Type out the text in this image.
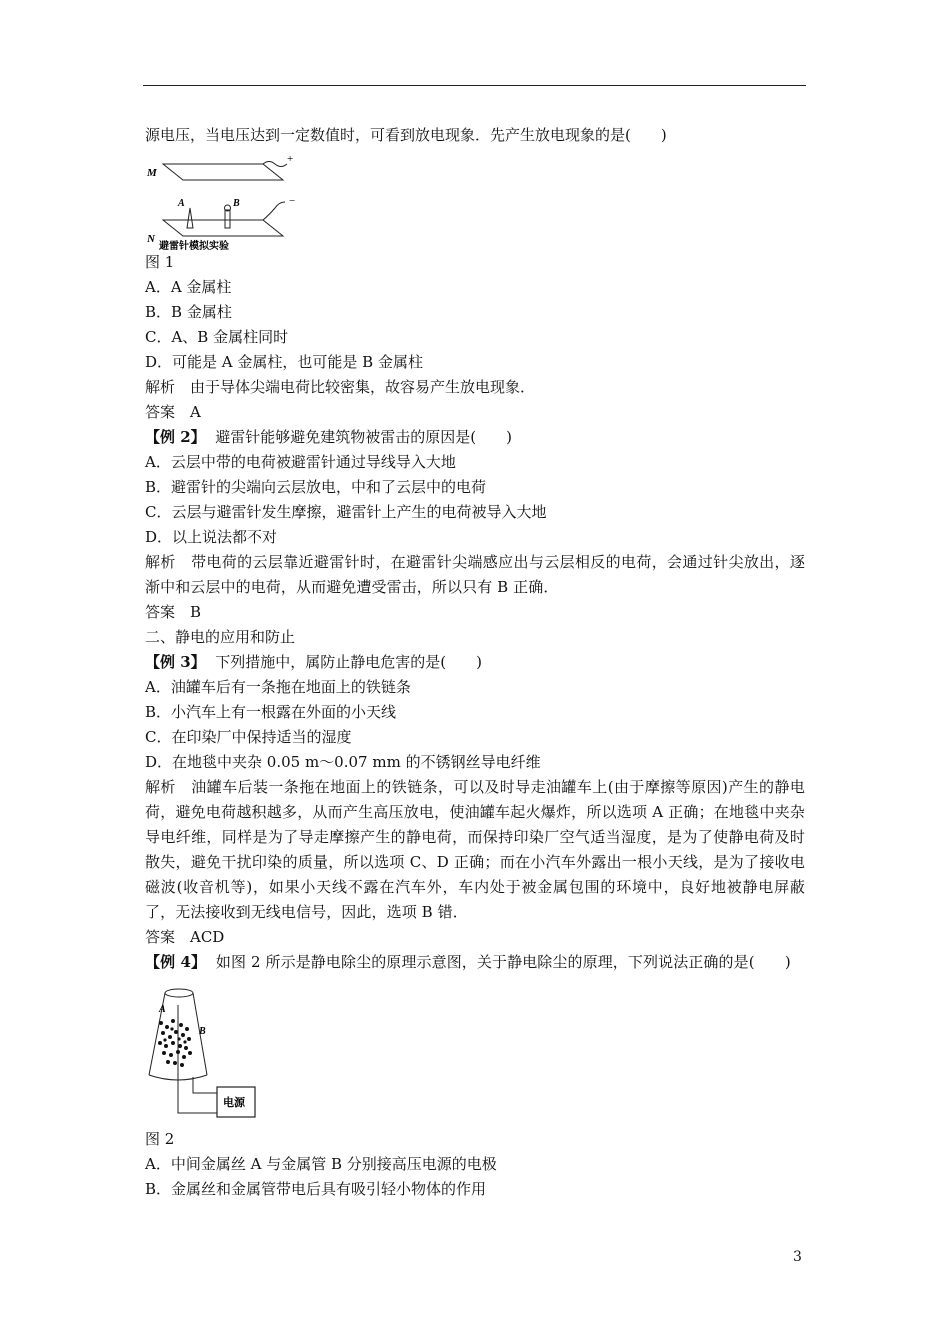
源电压，当电压达到一定数值时，可看到放电现象．先产生放电现象的是(　　)
+
M
−
N
A	B
避雷针模拟实验
图 1
A．A 金属柱
B．B 金属柱
C．A、B 金属柱同时
D．可能是 A 金属柱，也可能是 B 金属柱
解析　由于导体尖端电荷比较密集，故容易产生放电现象．
答案　A
【例 2】 避雷针能够避免建筑物被雷击的原因是(　　)
A．云层中带的电荷被避雷针通过导线导入大地
B．避雷针的尖端向云层放电，中和了云层中的电荷
C．云层与避雷针发生摩擦，避雷针上产生的电荷被导入大地
D．以上说法都不对
解析　带电荷的云层靠近避雷针时，在避雷针尖端感应出与云层相反的电荷，会通过针尖放出，逐渐中和云层中的电荷，从而避免遭受雷击，所以只有 B 正确．
答案　B
二、静电的应用和防止
【例 3】 下列措施中，属防止静电危害的是(　　)
A．油罐车后有一条拖在地面上的铁链条
B．小汽车上有一根露在外面的小天线
C．在印染厂中保持适当的湿度
D．在地毯中夹杂 0.05 m～0.07 mm 的不锈钢丝导电纤维
解析　油罐车后装一条拖在地面上的铁链条，可以及时导走油罐车上(由于摩擦等原因)产生的静电荷，避免电荷越积越多，从而产生高压放电，使油罐车起火爆炸，所以选项 A 正确；在地毯中夹杂导电纤维，同样是为了导走摩擦产生的静电荷，而保持印染厂空气适当湿度，是为了使静电荷及时散失，避免干扰印染的质量，所以选项 C、D 正确；而在小汽车外露出一根小天线，是为了接收电磁波(收音机等)，如果小天线不露在汽车外，车内处于被金属包围的环境中，良好地被静电屏蔽了，无法接收到无线电信号，因此，选项 B 错．
答案　ACD
【例 4】 如图 2 所示是静电除尘的原理示意图，关于静电除尘的原理，下列说法正确的是(　　)
A
B
电源
图 2
A．中间金属丝 A 与金属管 B 分别接高压电源的电极
B．金属丝和金属管带电后具有吸引轻小物体的作用
3
